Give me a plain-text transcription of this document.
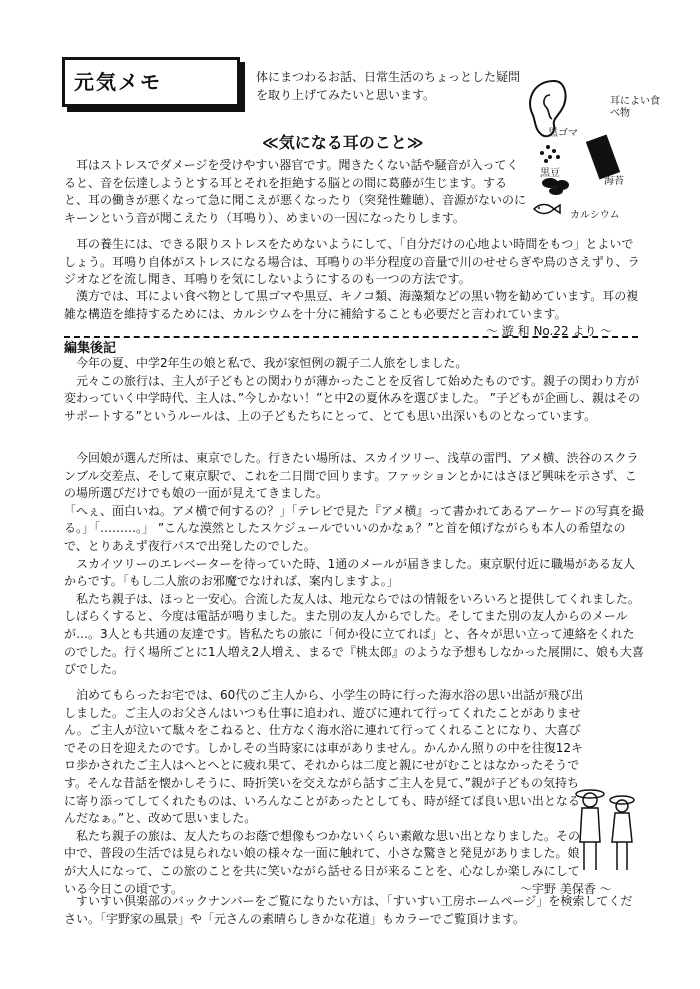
元気メモ	体にまつわるお話、日常生活のちょっとした疑問を取り上げてみたいと思います。	耳によい食べ物
黒ゴマ
海苔
黒豆
カルシウム
≪気になる耳のこと≫
　耳はストレスでダメージを受けやすい器官です。聞きたくない話や騒音が入ってくると、音を伝達しようとする耳とそれを拒絶する脳との間に葛藤が生じます。すると、耳の働きが悪くなって急に聞こえが悪くなったり（突発性難聴）、音源がないのにキーンという音が聞こえたり（耳鳴り）、めまいの一因になったりします。
　耳の養生には、できる限りストレスをためないようにして、「自分だけの心地よい時間をもつ」とよいでしょう。耳鳴り自体がストレスになる場合は、耳鳴りの半分程度の音量で川のせせらぎや鳥のさえずり、ラジオなどを流し聞き、耳鳴りを気にしないようにするのも一つの方法です。
　漢方では、耳によい食べ物として黒ゴマや黒豆、キノコ類、海藻類などの黒い物を勧めています。耳の複雑な構造を維持するためには、カルシウムを十分に補給することも必要だと言われています。
～ 遊 和 No.22 より ～
編集後記
　今年の夏、中学2年生の娘と私で、我が家恒例の親子二人旅をしました。
　元々この旅行は、主人が子どもとの関わりが薄かったことを反省して始めたものです。親子の関わり方が変わっていく中学時代、主人は、”今しかない！”と中2の夏休みを選びました。 ”子どもが企画し、親はそのサポートする”というルールは、上の子どもたちにとって、とても思い出深いものとなっています。
　今回娘が選んだ所は、東京でした。行きたい場所は、スカイツリー、浅草の雷門、アメ横、渋谷のスクランブル交差点、そして東京駅で、これを二日間で回ります。ファッションとかにはさほど興味を示さず、この場所選びだけでも娘の一面が見えてきました。
「へぇ、面白いね。アメ横で何するの？」「テレビで見た『アメ横』って書かれてあるアーケードの写真を撮る。」「………。」 ”こんな漠然としたスケジュールでいいのかなぁ？”と首を傾げながらも本人の希望なので、とりあえず夜行バスで出発したのでした。
　スカイツリーのエレベーターを待っていた時、1通のメールが届きました。東京駅付近に職場がある友人からです。「もし二人旅のお邪魔でなければ、案内しますよ。」
　私たち親子は、ほっと一安心。合流した友人は、地元ならではの情報をいろいろと提供してくれました。しばらくすると、今度は電話が鳴りました。また別の友人からでした。そしてまた別の友人からのメールが…。3人とも共通の友達です。皆私たちの旅に「何か役に立てれば」と、各々が思い立って連絡をくれたのでした。行く場所ごとに1人増え2人増え、まるで『桃太郎』のような予想もしなかった展開に、娘も大喜びでした。
　泊めてもらったお宅では、60代のご主人から、小学生の時に行った海水浴の思い出話が飛び出しました。ご主人のお父さんはいつも仕事に追われ、遊びに連れて行ってくれたことがありません。ご主人が泣いて駄々をこねると、仕方なく海水浴に連れて行ってくれることになり、大喜びでその日を迎えたのです。しかしその当時家には車がありません。かんかん照りの中を往復12キロ歩かされたご主人はへとへとに疲れ果て、それからは二度と親にせがむことはなかったそうです。そんな昔話を懐かしそうに、時折笑いを交えながら話すご主人を見て、”親が子どもの気持ちに寄り添ってしてくれたものは、いろんなことがあったとしても、時が経てば良い思い出となるんだなぁ。”と、改めて思いました。
　私たち親子の旅は、友人たちのお蔭で想像もつかないくらい素敵な思い出となりました。その中で、普段の生活では見られない娘の様々な一面に触れて、小さな驚きと発見がありました。娘が大人になって、この旅のことを共に笑いながら話せる日が来ることを、心なしか楽しみにしている今日この頃です。	～宇野 美保香 ～
　すいすい倶楽部のバックナンバーをご覧になりたい方は、「すいすい工房ホームページ」を検索してください。「宇野家の風景」や「元さんの素晴らしきかな花道」もカラーでご覧頂けます。
